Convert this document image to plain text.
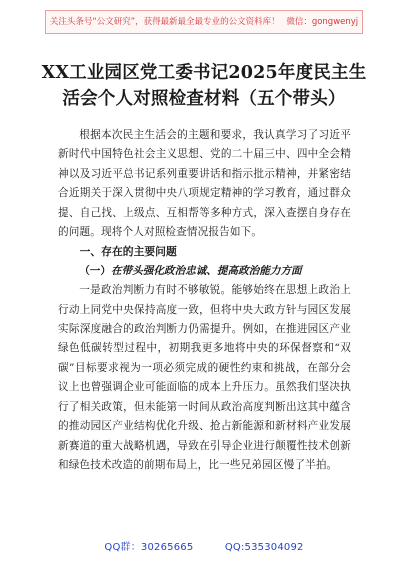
关注头条号“公文研究”，获得最新最全最专业的公文资料库！ 微信：gongwenyj
XX工业园区党工委书记2025年度民主生活会个人对照检查材料（五个带头）

根据本次民主生活会的主题和要求，我认真学习了习近平新时代中国特色社会主义思想、党的二十届三中、四中全会精神以及习近平总书记系列重要讲话和指示批示精神，并紧密结合近期关于深入贯彻中央八项规定精神的学习教育，通过群众提、自己找、上级点、互相帮等多种方式，深入查摆自身存在的问题。现将个人对照检查情况报告如下。

一、存在的主要问题

（一）在带头强化政治忠诚、提高政治能力方面

一是政治判断力有时不够敏锐。能够始终在思想上政治上行动上同党中央保持高度一致，但将中央大政方针与园区发展实际深度融合的政治判断力仍需提升。例如，在推进园区产业绿色低碳转型过程中，初期我更多地将中央的环保督察和“双碳”目标要求视为一项必须完成的硬性约束和挑战，在部分会议上也曾强调企业可能面临的成本上升压力。虽然我们坚决执行了相关政策，但未能第一时间从政治高度判断出这其中蕴含的推动园区产业结构优化升级、抢占新能源和新材料产业发展新赛道的重大战略机遇，导致在引导企业进行颠覆性技术创新和绿色技术改造的前期布局上，比一些兄弟园区慢了半拍。

QQ群：30265665	QQ:535304092
